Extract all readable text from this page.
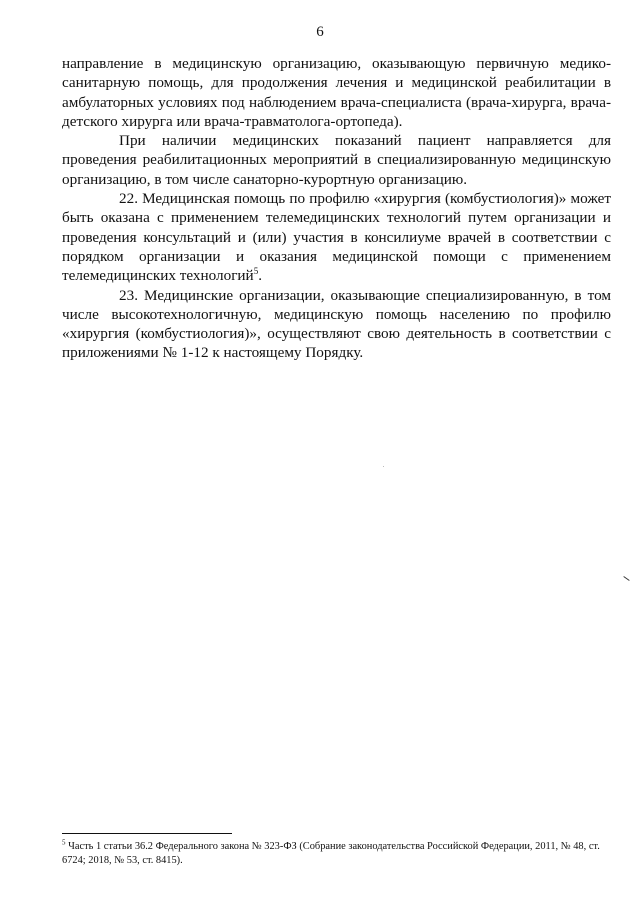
6

направление в медицинскую организацию, оказывающую первичную медико-санитарную помощь, для продолжения лечения и медицинской реабилитации в амбулаторных условиях под наблюдением врача-специалиста (врача-хирурга, врача-детского хирурга или врача-травматолога-ортопеда).

При наличии медицинских показаний пациент направляется для проведения реабилитационных мероприятий в специализированную медицинскую организацию, в том числе санаторно-курортную организацию.

22. Медицинская помощь по профилю «хирургия (комбустиология)» может быть оказана с применением телемедицинских технологий путем организации и проведения консультаций и (или) участия в консилиуме врачей в соответствии с порядком организации и оказания медицинской помощи с применением телемедицинских технологий$^5$.

23. Медицинские организации, оказывающие специализированную, в том числе высокотехнологичную, медицинскую помощь населению по профилю «хирургия (комбустиология)», осуществляют свою деятельность в соответствии с приложениями № 1-12 к настоящему Порядку.

$^5$ Часть 1 статьи 36.2 Федерального закона № 323-ФЗ (Собрание законодательства Российской Федерации, 2011, № 48, ст. 6724; 2018, № 53, ст. 8415).
